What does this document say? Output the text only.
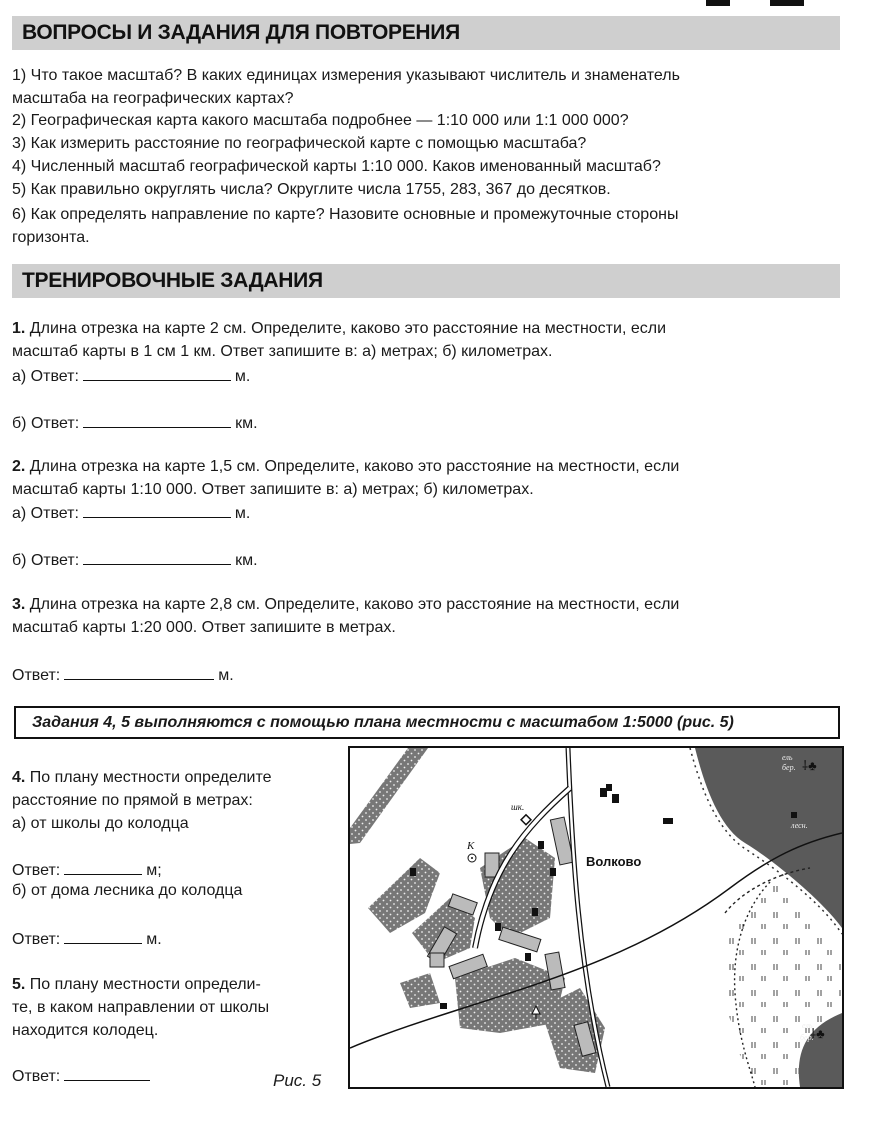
ВОПРОСЫ И ЗАДАНИЯ ДЛЯ ПОВТОРЕНИЯ
1) Что такое масштаб? В каких единицах измерения указывают числитель и знаменатель
масштаба на географических картах?
2) Географическая карта какого масштаба подробнее — 1:10 000 или 1:1 000 000?
3) Как измерить расстояние по географической карте с помощью масштаба?
4) Численный масштаб географической карты 1:10 000. Каков именованный масштаб?
5) Как правильно округлять числа? Округлите числа 1755, 283, 367 до десятков.
6) Как определять направление по карте? Назовите основные и промежуточные стороны
горизонта.
ТРЕНИРОВОЧНЫЕ ЗАДАНИЯ
1. Длина отрезка на карте 2 см. Определите, каково это расстояние на местности, если
масштаб карты в 1 см 1 км. Ответ запишите в: а) метрах; б) километрах.
а) Ответ:	м.
б) Ответ:	км.
2. Длина отрезка на карте 1,5 см. Определите, каково это расстояние на местности, если
масштаб карты 1:10 000. Ответ запишите в: а) метрах; б) километрах.
а) Ответ:	м.
б) Ответ:	км.
3. Длина отрезка на карте 2,8 см. Определите, каково это расстояние на местности, если
масштаб карты 1:20 000. Ответ запишите в метрах.
Ответ:	м.
Задания 4, 5 выполняются с помощью плана местности с масштабом 1:5000 (рис. 5)
4. По плану местности определите
расстояние по прямой в метрах:
а) от школы до колодца
Ответ:	м;
б) от дома лесника до колодца
Ответ:	м.
5. По плану местности определи-
те, в каком направлении от школы
находится колодец.
Ответ:	Рис. 5
⸸♣
⸸♣
Волково
шк.
К
ель
бер.
лесн.
ель
бер.
